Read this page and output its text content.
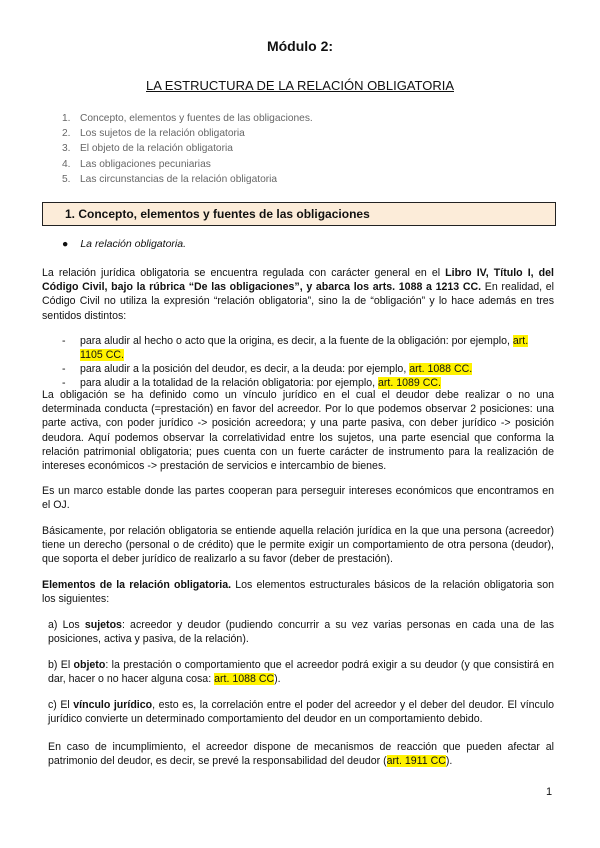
Módulo 2:
LA ESTRUCTURA DE LA RELACIÓN OBLIGATORIA
1. Concepto, elementos y fuentes de las obligaciones.
2. Los sujetos de la relación obligatoria
3. El objeto de la relación obligatoria
4. Las obligaciones pecuniarias
5. Las circunstancias de la relación obligatoria
1. Concepto, elementos y fuentes de las obligaciones
● La relación obligatoria.
La relación jurídica obligatoria se encuentra regulada con carácter general en el Libro IV, Título I, del Código Civil, bajo la rúbrica “De las obligaciones”, y abarca los arts. 1088 a 1213 CC. En realidad, el Código Civil no utiliza la expresión “relación obligatoria”, sino la de “obligación” y lo hace además en tres sentidos distintos:
- para aludir al hecho o acto que la origina, es decir, a la fuente de la obligación: por ejemplo, art. 1105 CC.
- para aludir a la posición del deudor, es decir, a la deuda: por ejemplo, art. 1088 CC.
- para aludir a la totalidad de la relación obligatoria: por ejemplo, art. 1089 CC.
La obligación se ha definido como un vínculo jurídico en el cual el deudor debe realizar o no una determinada conducta (=prestación) en favor del acreedor. Por lo que podemos observar 2 posiciones: una parte activa, con poder jurídico -> posición acreedora; y una parte pasiva, con deber jurídico -> posición deudora. Aquí podemos observar la correlatividad entre los sujetos, una parte esencial que conforma la relación patrimonial obligatoria; pues cuenta con un fuerte carácter de instrumento para la realización de intereses económicos -> prestación de servicios e intercambio de bienes.
Es un marco estable donde las partes cooperan para perseguir intereses económicos que encontramos en el OJ.
Básicamente, por relación obligatoria se entiende aquella relación jurídica en la que una persona (acreedor) tiene un derecho (personal o de crédito) que le permite exigir un comportamiento de otra persona (deudor), que soporta el deber jurídico de realizarlo a su favor (deber de prestación).
Elementos de la relación obligatoria. Los elementos estructurales básicos de la relación obligatoria son los siguientes:
a) Los sujetos: acreedor y deudor (pudiendo concurrir a su vez varias personas en cada una de las posiciones, activa y pasiva, de la relación).
b) El objeto: la prestación o comportamiento que el acreedor podrá exigir a su deudor (y que consistirá en dar, hacer o no hacer alguna cosa: art. 1088 CC).
c) El vínculo jurídico, esto es, la correlación entre el poder del acreedor y el deber del deudor. El vínculo jurídico convierte un determinado comportamiento del deudor en un comportamiento debido.
En caso de incumplimiento, el acreedor dispone de mecanismos de reacción que pueden afectar al patrimonio del deudor, es decir, se prevé la responsabilidad del deudor (art. 1911 CC).
1
